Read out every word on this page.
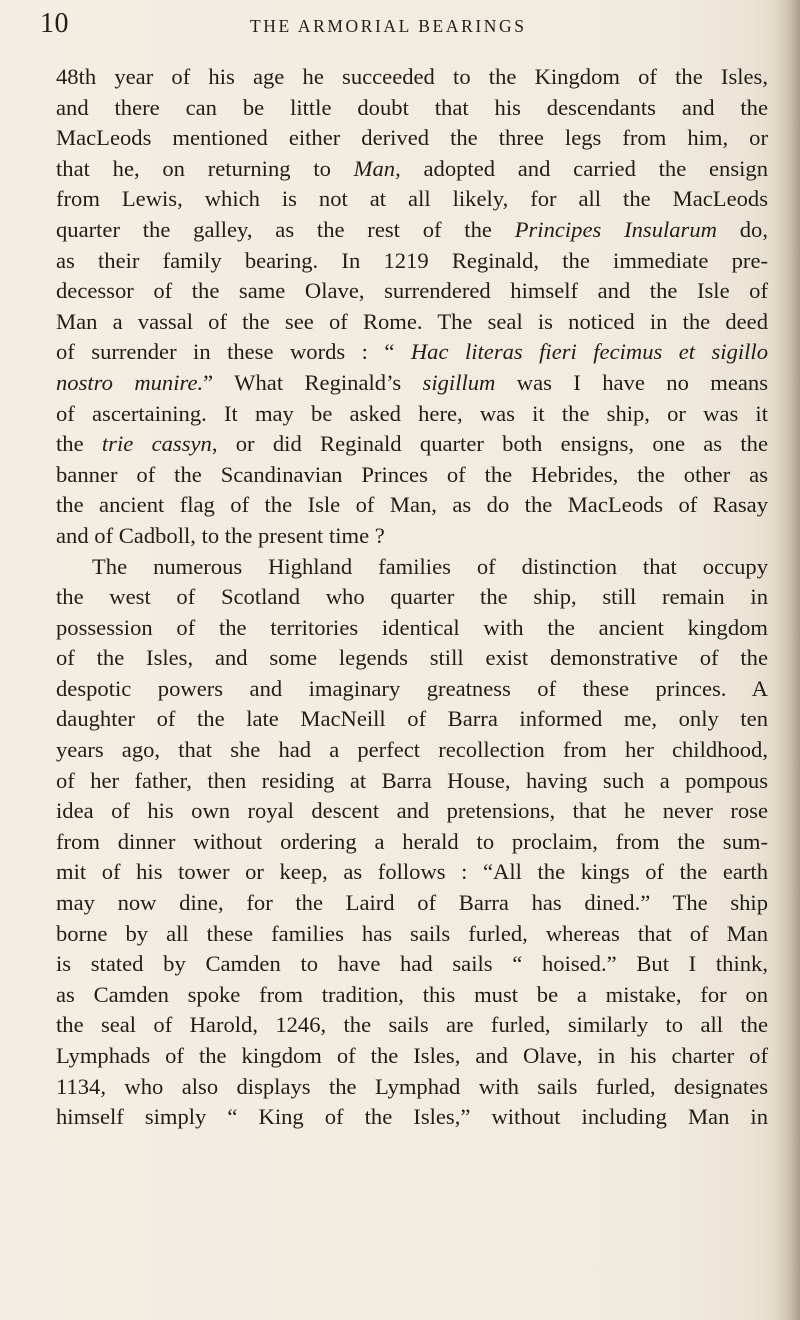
10	THE ARMORIAL BEARINGS
48th year of his age he succeeded to the Kingdom of the Isles,
and there can be little doubt that his descendants and the
MacLeods mentioned either derived the three legs from him, or
that he, on returning to Man, adopted and carried the ensign
from Lewis, which is not at all likely, for all the MacLeods
quarter the galley, as the rest of the Principes Insularum do,
as their family bearing. In 1219 Reginald, the immediate pre-
decessor of the same Olave, surrendered himself and the Isle of
Man a vassal of the see of Rome. The seal is noticed in the deed
of surrender in these words : “ Hac literas fieri fecimus et sigillo
nostro munire.” What Reginald’s sigillum was I have no means
of ascertaining. It may be asked here, was it the ship, or was it
the trie cassyn, or did Reginald quarter both ensigns, one as the
banner of the Scandinavian Princes of the Hebrides, the other as
the ancient flag of the Isle of Man, as do the MacLeods of Rasay
and of Cadboll, to the present time ?
The numerous Highland families of distinction that occupy
the west of Scotland who quarter the ship, still remain in
possession of the territories identical with the ancient kingdom
of the Isles, and some legends still exist demonstrative of the
despotic powers and imaginary greatness of these princes. A
daughter of the late MacNeill of Barra informed me, only ten
years ago, that she had a perfect recollection from her childhood,
of her father, then residing at Barra House, having such a pompous
idea of his own royal descent and pretensions, that he never rose
from dinner without ordering a herald to proclaim, from the sum-
mit of his tower or keep, as follows : “All the kings of the earth
may now dine, for the Laird of Barra has dined.” The ship
borne by all these families has sails furled, whereas that of Man
is stated by Camden to have had sails “ hoised.” But I think,
as Camden spoke from tradition, this must be a mistake, for on
the seal of Harold, 1246, the sails are furled, similarly to all the
Lymphads of the kingdom of the Isles, and Olave, in his charter of
1134, who also displays the Lymphad with sails furled, designates
himself simply “ King of the Isles,” without including Man in
